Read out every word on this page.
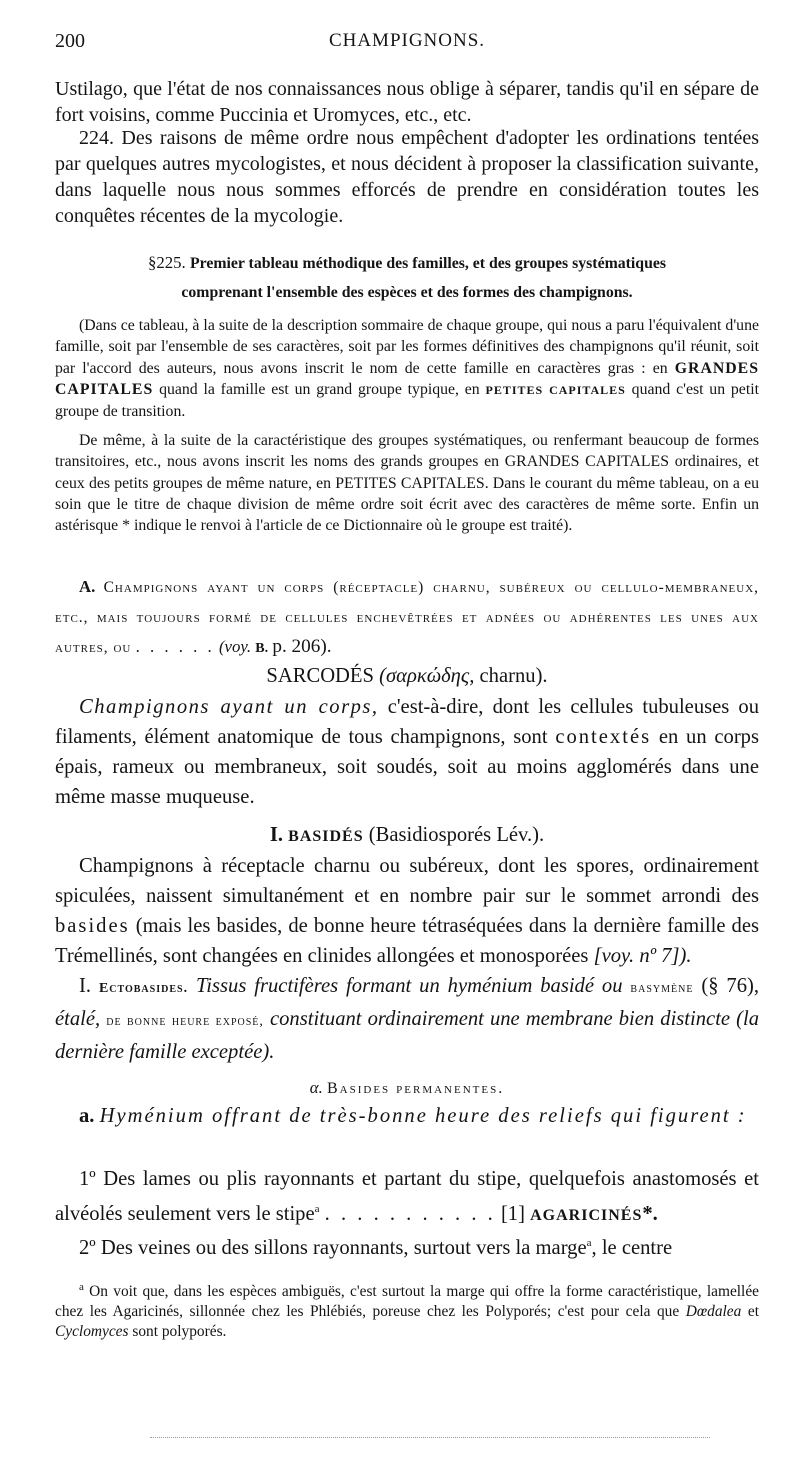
200	CHAMPIGNONS.

Ustilago, que l'état de nos connaissances nous oblige à séparer, tandis qu'il en sépare de fort voisins, comme Puccinia et Uromyces, etc., etc.

224. Des raisons de même ordre nous empêchent d'adopter les ordinations tentées par quelques autres mycologistes, et nous décident à proposer la classification suivante, dans laquelle nous nous sommes efforcés de prendre en considération toutes les conquêtes récentes de la mycologie.

§225. Premier tableau méthodique des familles, et des groupes systématiques

comprenant l'ensemble des espèces et des formes des champignons.

(Dans ce tableau, à la suite de la description sommaire de chaque groupe, qui nous a paru l'équivalent d'une famille, soit par l'ensemble de ses caractères, soit par les formes définitives des champignons qu'il réunit, soit par l'accord des auteurs, nous avons inscrit le nom de cette famille en caractères gras : en GRANDES CAPITALES quand la famille est un grand groupe typique, en PETITES CAPITALES quand c'est un petit groupe de transition.

De même, à la suite de la caractéristique des groupes systématiques, ou renfermant beaucoup de formes transitoires, etc., nous avons inscrit les noms des grands groupes en GRANDES CAPITALES ordinaires, et ceux des petits groupes de même nature, en PETITES CAPITALES. Dans le courant du même tableau, on a eu soin que le titre de chaque division de même ordre soit écrit avec des caractères de même sorte. Enfin un astérisque * indique le renvoi à l'article de ce Dictionnaire où le groupe est traité).

A. Champignons ayant un corps (réceptacle) charnu, subéreux ou cellulo-membraneux, etc., mais toujours formé de cellules enchevêtrées et adnées ou adhérentes les unes aux autres, ou . . . . . . (voy. B. p. 206).

SARCODÉS (σαρκώδης, charnu).

Champignons ayant un corps, c'est-à-dire, dont les cellules tubuleuses ou filaments, élément anatomique de tous champignons, sont contextés en un corps épais, rameux ou membraneux, soit soudés, soit au moins agglomérés dans une même masse muqueuse.

I. BASIDÉS (Basidiosporés Lév.).

Champignons à réceptacle charnu ou subéreux, dont les spores, ordinairement spiculées, naissent simultanément et en nombre pair sur le sommet arrondi des basides (mais les basides, de bonne heure tétraséquées dans la dernière famille des Trémellinés, sont changées en clinides allongées et monosporées [voy. nº 7]).

I. Ectobasides. Tissus fructifères formant un hyménium basidé ou basymène (§ 76), étalé, de bonne heure exposé, constituant ordinairement une membrane bien distincte (la dernière famille exceptée).

α. Basides permanentes.

a. Hyménium offrant de très-bonne heure des reliefs qui figurent :

1º Des lames ou plis rayonnants et partant du stipe, quelquefois anastomosés et alvéolés seulement vers le stipe$^a$ . . . . . . . . . . . [1] AGARICINÉS*.

2º Des veines ou des sillons rayonnants, surtout vers la marge$^a$, le centre

$^a$ On voit que, dans les espèces ambiguës, c'est surtout la marge qui offre la forme caractéristique, lamellée chez les Agaricinés, sillonnée chez les Phlébiés, poreuse chez les Polyporés; c'est pour cela que Dœdalea et Cyclomyces sont polyporés.
